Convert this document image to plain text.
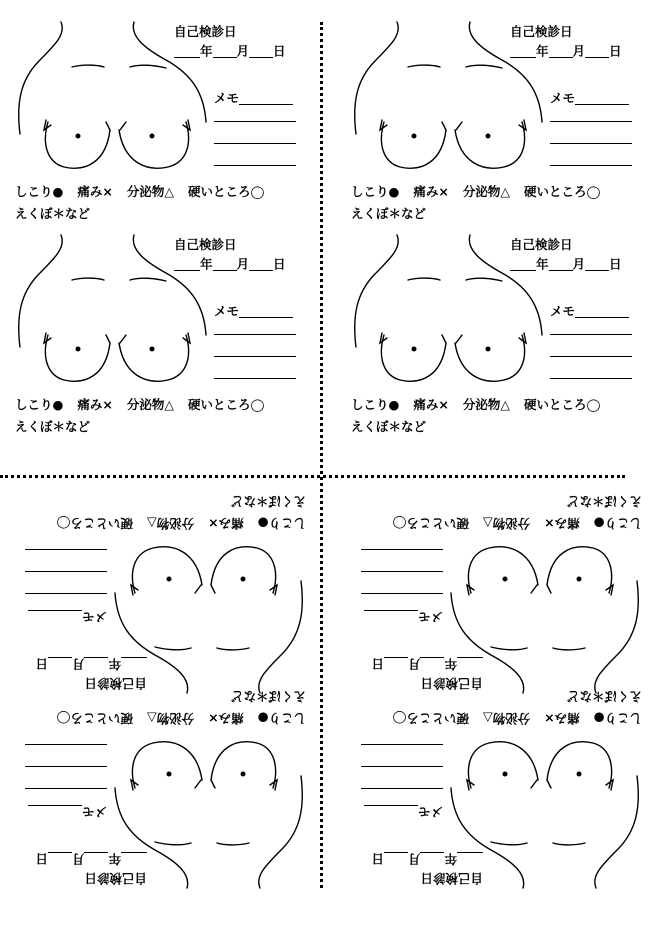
自己検診日
年 月 日
メモ
しこり● 痛み× 分泌物△ 硬いところ◯
えくぼ＊など
自己検診日
年 月 日
メモ
しこり● 痛み× 分泌物△ 硬いところ◯
えくぼ＊など
自己検診日
年 月 日
メモ
しこり● 痛み× 分泌物△ 硬いところ◯
えくぼ＊など
自己検診日
年 月 日
メモ
しこり● 痛み× 分泌物△ 硬いところ◯
えくぼ＊など
自己検診日
年月日
メモ
しこり●痛み×分泌物△硬いところ◯
えくぼ＊など
自己検診日
年月日
メモ
しこり●痛み×分泌物△硬いところ◯
えくぼ＊など
自己検診日
年月日
メモ
しこり●痛み×分泌物△硬いところ◯
えくぼ＊など
自己検診日
年月日
メモ
しこり●痛み×分泌物△硬いところ◯
えくぼ＊など
